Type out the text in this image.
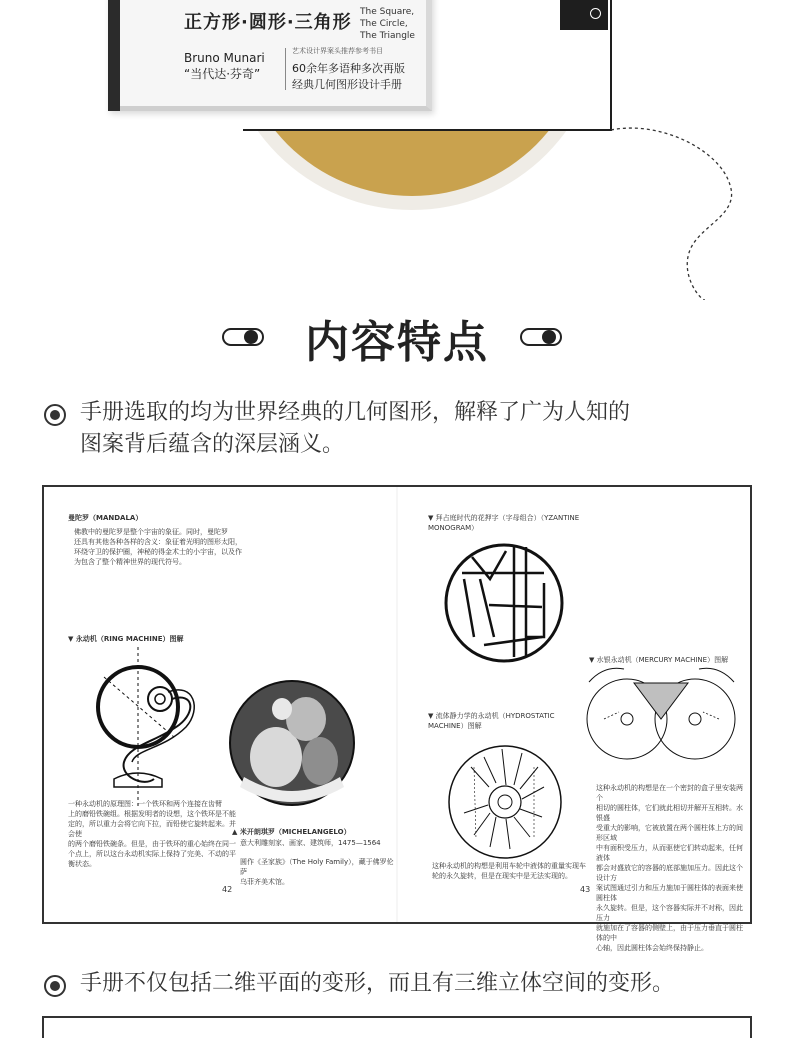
正方形·圆形·三角形 The Square,
The Circle,
The Triangle
Bruno Munari
“当代达·芬奇”
艺术设计界案头推荐参考书目
60余年多语种多次再版
经典几何图形设计手册
内容特点
手册选取的均为世界经典的几何图形，解释了广为人知的
图案背后蕴含的深层涵义。
曼陀罗（MANDALA）
佛教中的曼陀罗是整个宇宙的象征。同时，曼陀罗
还具有其他各种各样的含义：象征着光明的图形太阳，
环绕守卫的保护圈，神秘的得金术士的小宇宙，以及作
为包含了整个精神世界的现代符号。
▼ 永动机（RING MACHINE）图解
一种永动机的原理图：一个铁环和两个连接在齿臂
上的磨铅铁碗组。根据发明者的设想，这个铁环是不能
定的，所以重力会将它向下拉，而铅使它旋转起来。并会使
的两个磨铅铁碗条。但是，由于铁环的重心始终在同一
个点上，所以这台永动机实际上保持了完美、不动的平
衡状态。
▲ 米开朗琪罗（MICHELANGELO）
意大利雕刻家、画家、建筑师，1475—1564
圆作《圣家族》（The Holy Family），藏于佛罗伦萨
乌菲齐美术馆。
42
▼ 拜占庭时代的花押字（字母组合）（YZANTINE
MONOGRAM）
▼ 水银永动机（MERCURY MACHINE）图解
▼ 流体静力学的永动机（HYDROSTATIC
MACHINE）图解
这种永动机的构想是利用车轮中液体的重量实现车
轮的永久旋转，但是在现实中是无法实现的。
这种永动机的构想是在一个密封的盒子里安装两个
相切的圆柱体，它们就此相切并解开互相转。水银盛
受重大的影响，它被放置在两个圆柱体上方的间形区域
中有面积受压力，从而驱使它们转动起来，任何液体
都会对盛放它的容器的底部施加压力。因此这个设计方
案试图通过引力和压力施加于圆柱体的表面来使圆柱体
永久旋转。但是，这个容器实际并不对称，因此压力
就施加在了容器的侧壁上，由于压力垂直于圆柱体的中
心轴，因此圆柱体会始终保持静止。
43
手册不仅包括二维平面的变形，而且有三维立体空间的变形。
